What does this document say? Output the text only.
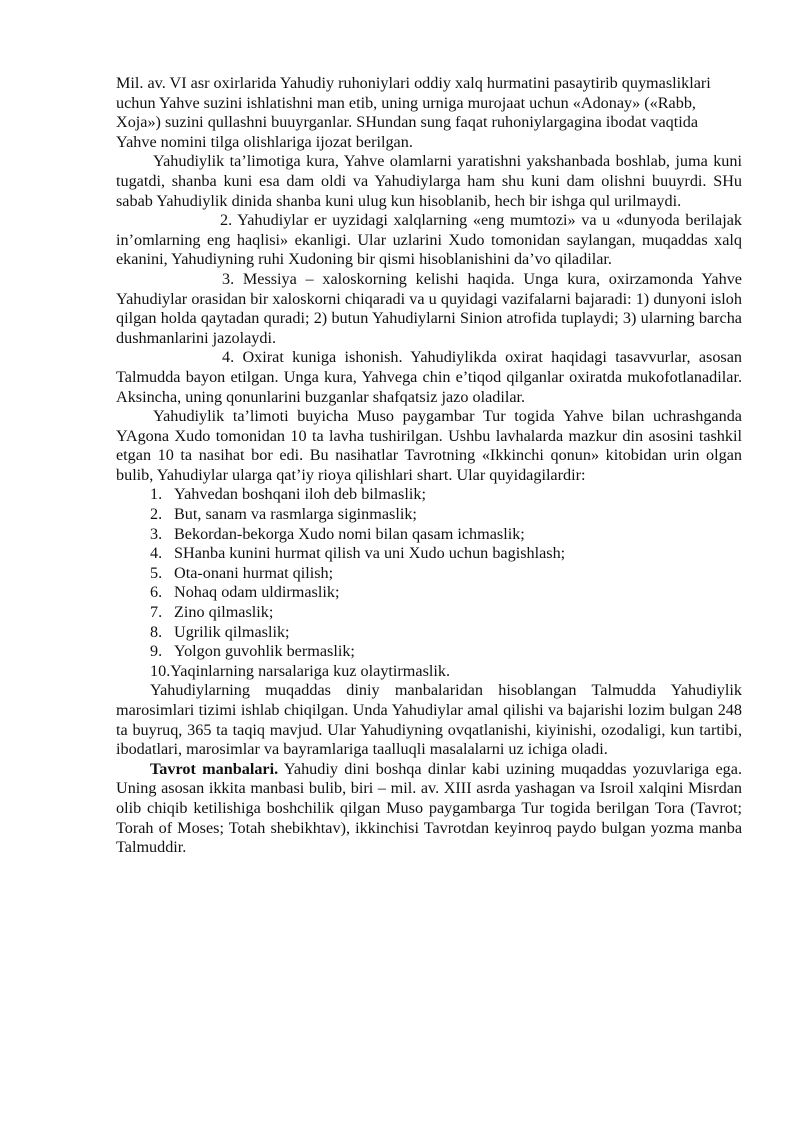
Mil. av. VI asr oxirlarida Yahudiy ruhoniylari oddiy xalq hurmatini pasaytirib quymasliklari uchun Yahve suzini ishlatishni man etib, uning urniga murojaat uchun «Adonay» («Rabb, Xoja») suzini qullashni buuyrganlar. SHundan sung faqat ruhoniylargagina ibodat vaqtida Yahve nomini tilga olishlariga ijozat berilgan.

Yahudiylik ta’limotiga kura, Yahve olamlarni yaratishni yakshanbada boshlab, juma kuni tugatdi, shanba kuni esa dam oldi va Yahudiylarga ham shu kuni dam olishni buuyrdi. SHu sabab Yahudiylik dinida shanba kuni ulug kun hisoblanib, hech bir ishga qul urilmaydi.

2. Yahudiylar er uyzidagi xalqlarning «eng mumtozi» va u «dunyoda berilajak in’omlarning eng haqlisi» ekanligi. Ular uzlarini Xudo tomonidan saylangan, muqaddas xalq ekanini, Yahudiyning ruhi Xudoning bir qismi hisoblanishini da’vo qiladilar.

3. Messiya – xaloskorning kelishi haqida. Unga kura, oxirzamonda Yahve Yahudiylar orasidan bir xaloskorni chiqaradi va u quyidagi vazifalarni bajaradi: 1) dunyoni isloh qilgan holda qaytadan quradi; 2) butun Yahudiylarni Sinion atrofida tuplaydi; 3) ularning barcha dushmanlarini jazolaydi.

4. Oxirat kuniga ishonish. Yahudiylikda oxirat haqidagi tasavvurlar, asosan Talmudda bayon etilgan. Unga kura, Yahvega chin e’tiqod qilganlar oxiratda mukofotlanadilar. Aksincha, uning qonunlarini buzganlar shafqatsiz jazo oladilar.

Yahudiylik ta’limoti buyicha Muso paygambar Tur togida Yahve bilan uchrashganda YAgona Xudo tomonidan 10 ta lavha tushirilgan. Ushbu lavhalarda mazkur din asosini tashkil etgan 10 ta nasihat bor edi. Bu nasihatlar Tavrotning «Ikkinchi qonun» kitobidan urin olgan bulib, Yahudiylar ularga qat’iy rioya qilishlari shart. Ular quyidagilardir:

1. Yahvedan boshqani iloh deb bilmaslik;
2. But, sanam va rasmlarga siginmaslik;
3. Bekordan-bekorga Xudo nomi bilan qasam ichmaslik;
4. SHanba kunini hurmat qilish va uni Xudo uchun bagishlash;
5. Ota-onani hurmat qilish;
6. Nohaq odam uldirmaslik;
7. Zino qilmaslik;
8. Ugrilik qilmaslik;
9. Yolgon guvohlik bermaslik;
10.Yaqinlarning narsalariga kuz olaytirmaslik.

Yahudiylarning muqaddas diniy manbalaridan hisoblangan Talmudda Yahudiylik marosimlari tizimi ishlab chiqilgan. Unda Yahudiylar amal qilishi va bajarishi lozim bulgan 248 ta buyruq, 365 ta taqiq mavjud. Ular Yahudiyning ovqatlanishi, kiyinishi, ozodaligi, kun tartibi, ibodatlari, marosimlar va bayramlariga taalluqli masalalarni uz ichiga oladi.

Tavrot manbalari. Yahudiy dini boshqa dinlar kabi uzining muqaddas yozuvlariga ega. Uning asosan ikkita manbasi bulib, biri – mil. av. XIII asrda yashagan va Isroil xalqini Misrdan olib chiqib ketilishiga boshchilik qilgan Muso paygambarga Tur togida berilgan Tora (Tavrot; Torah of Moses; Totah shebikhtav), ikkinchisi Tavrotdan keyinroq paydo bulgan yozma manba Talmuddir.
